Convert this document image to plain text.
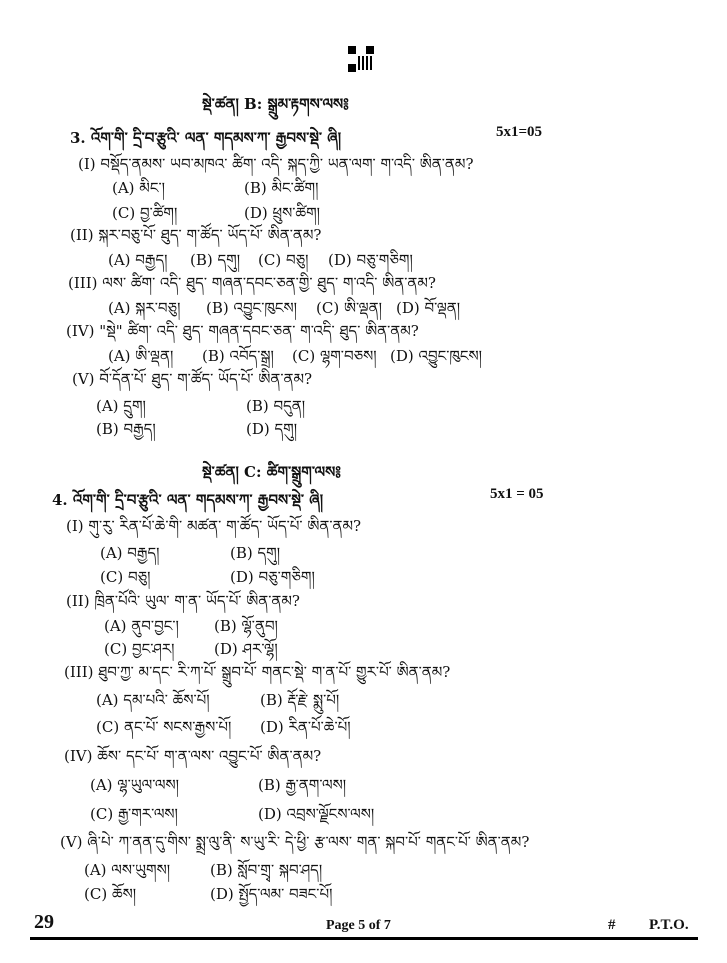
སྡེ་ཚན། B: སྒྲུམ་རྟགས་ལས༔
3. འོག་གི་ དྲི་བ་རྩུའི་ ལན་ གདམས་ཀ་ རྒྱབས་སྡེ་ ཞི།	5x1=05
(I) བསྡོད་ནམས་ ཡབ་མཁའ་ ཚིག་ འདི་ སྐད་ཀྱི་ ཡན་ལག་ ག་འདི་ ཨིན་ནམ?
(A) མིང་།	(B) མིང་ཚིག།
(C) བྱ་ཚིག།	(D) ཕྲུས་ཚིག།
(II) སྐར་བཅུ་པོ་ ཐུད་ ག་ཚོད་ ཡོད་པོ་ ཨིན་ནམ?
(A) བརྒྱད། (B) དགུ། (C) བཅུ། (D) བཅུ་གཅིག།
(III) ལས་ ཚིག་ འདི་ ཐུད་ གཞན་དབང་ཅན་གྱི་ ཐུད་ ག་འདི་ ཨིན་ནམ?
(A) སྐར་བཅུ། (B) འབྱུང་ཁུངས། (C) ཨི་ལྡན། (D) བོ་ལྡན།
(IV) "སྡེ" ཚིག་ འདི་ ཐུད་ གཞན་དབང་ཅན་ ག་འདི་ ཐུད་ ཨིན་ནམ?
(A) ཨི་ལྡན། (B) འབོད་སྒྲ། (C) ལྷག་བཅས། (D) འབྱུང་ཁུངས།
(V) བོ་དོན་པོ་ ཐུད་ ག་ཚོད་ ཡོད་པོ་ ཨིན་ནམ?
(A) དྲུག།	(B) བདུན།
(B) བརྒྱད།	(D) དགུ།
སྡེ་ཚན། C: ཚིག་སྒྲུག་ལས༔
4. འོག་གི་ དྲི་བ་རྩུའི་ ལན་ གདམས་ཀ་ རྒྱབས་སྡེ་ ཞི།	5x1 = 05
(I) གུ་རུ་ རིན་པོ་ཆེ་གི་ མཚན་ ག་ཚོད་ ཡོད་པོ་ ཨིན་ནམ?
(A) བརྒྱད།	(B) དགུ།
(C) བཅུ།	(D) བཅུ་གཅིག།
(II) ཁྲིན་པོའི་ ཡུལ་ ག་ན་ ཡོད་པོ་ ཨིན་ནམ?
(A) ནུབ་བྱང་། (B) ལྷོ་ནུབ།
(C) བྱང་ཤར།	(D) ཤར་ལྷོ།
(III) ཐུབ་ཀྱ་ མ་དང་ རི་ཀ་པོ་ སྒྲུབ་པོ་ གནང་སྡེ་ ག་ན་པོ་ གྱུར་པོ་ ཨིན་ནམ?
(A) དམ་པའི་ ཆོས་པོ།	(B) རྡོ་རྗེ་ སྨུ་པོ།
(C) ནང་པོ་ སངས་རྒྱས་པོ། (D) རིན་པོ་ཆེ་པོ།
(IV) ཆོས་ དང་པོ་ ག་ན་ལས་ འབྱུང་པོ་ ཨིན་ནམ?
(A) ལྷ་ཡུལ་ལས།	(B) རྒྱ་ནག་ལས།
(C) རྒྱ་གར་ལས།	(D) འབྲས་ལྗོངས་ལས།
(V) ཞི་པེ་ ཀ་ནན་དུ་གིས་ སྨྲ་ལུ་ནི་ ས་ཡུ་རི་ དེ་ཕྱི་ རྩ་ལས་ གན་ སྐབ་པོ་ གནང་པོ་ ཨིན་ནམ?
(A) ལས་ཡུགས།	(B) སློབ་གྲྭ་ སྐབ་ཤད།
(C) ཆོས།	(D) སྤྱོད་ལམ་ བཟང་པོ།
29	Page 5 of 7	# P.T.O.
